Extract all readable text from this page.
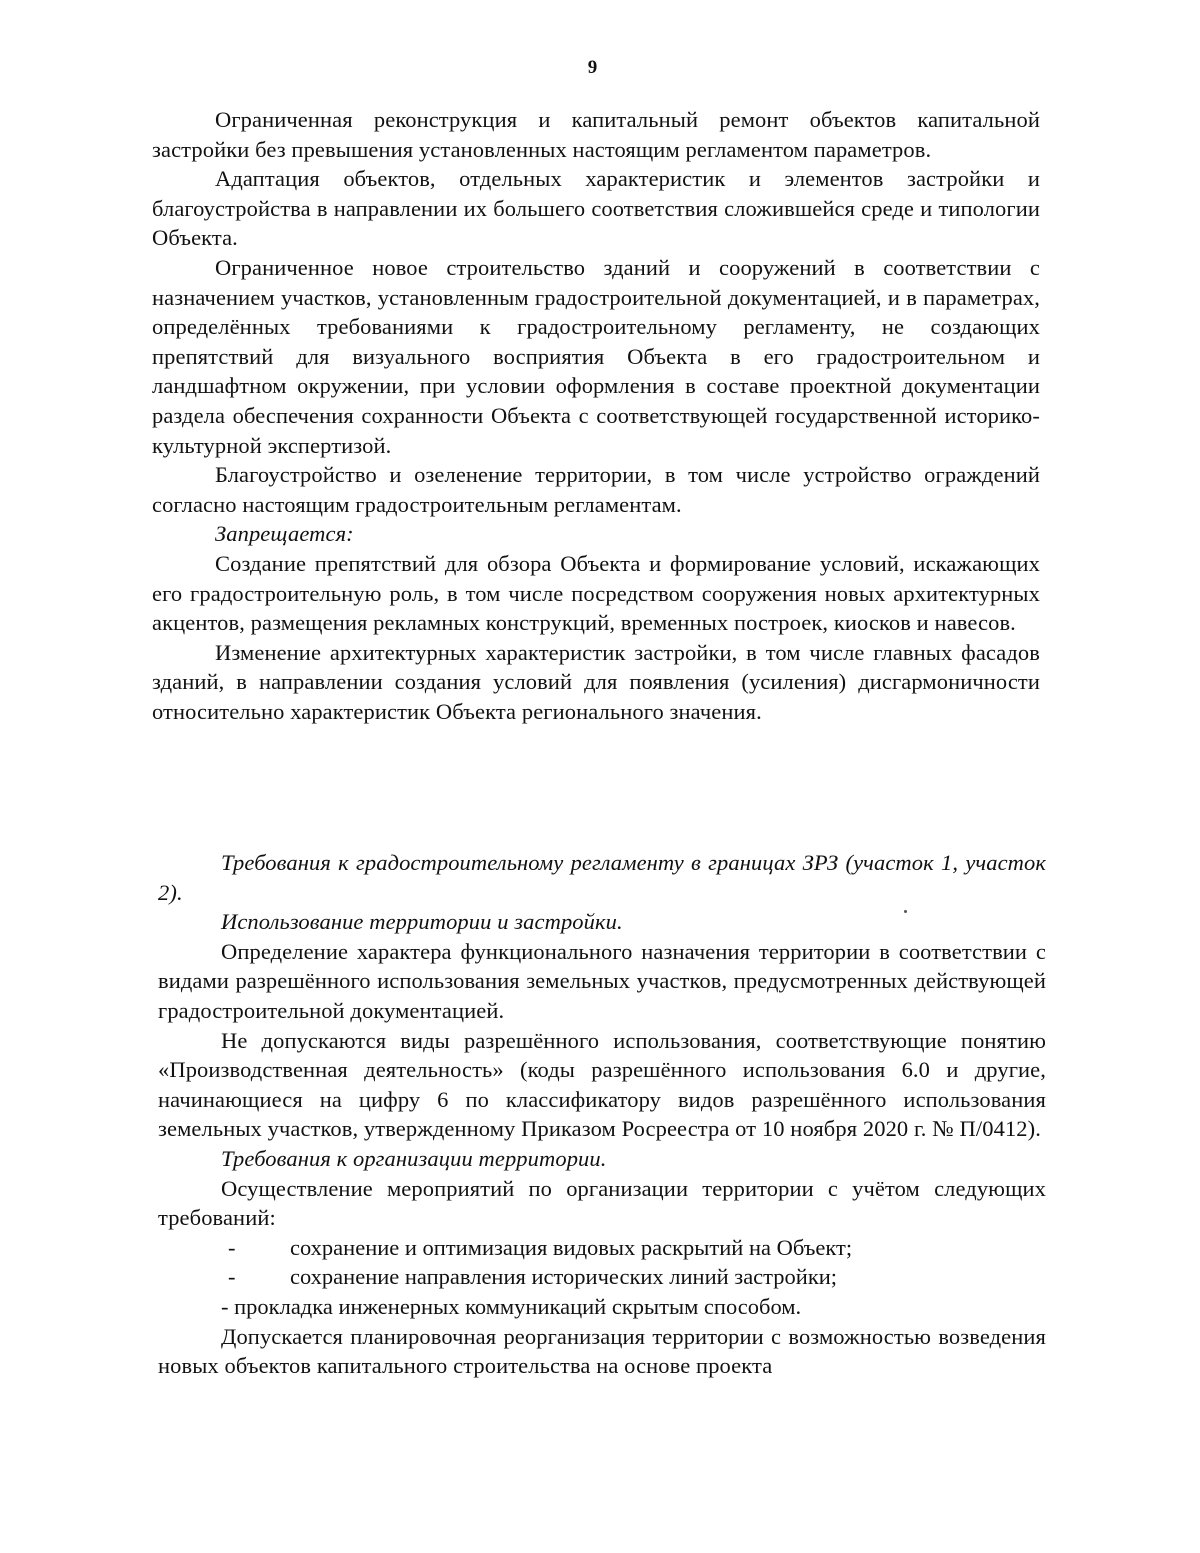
9

Ограниченная реконструкция и капитальный ремонт объектов капитальной застройки без превышения установленных настоящим регламентом параметров.

Адаптация объектов, отдельных характеристик и элементов застройки и благоустройства в направлении их большего соответствия сложившейся среде и типологии Объекта.

Ограниченное новое строительство зданий и сооружений в соответствии с назначением участков, установленным градостроительной документацией, и в параметрах, определённых требованиями к градостроительному регламенту, не создающих препятствий для визуального восприятия Объекта в его градостроительном и ландшафтном окружении, при условии оформления в составе проектной документации раздела обеспечения сохранности Объекта с соответствующей государственной историко-культурной экспертизой.

Благоустройство и озеленение территории, в том числе устройство ограждений согласно настоящим градостроительным регламентам.

Запрещается:

Создание препятствий для обзора Объекта и формирование условий, искажающих его градостроительную роль, в том числе посредством сооружения новых архитектурных акцентов, размещения рекламных конструкций, временных построек, киосков и навесов.

Изменение архитектурных характеристик застройки, в том числе главных фасадов зданий, в направлении создания условий для появления (усиления) дисгармоничности относительно характеристик Объекта регионального значения.

Требования к градостроительному регламенту в границах ЗРЗ (участок 1, участок 2).

Использование территории и застройки.

Определение характера функционального назначения территории в соответствии с видами разрешённого использования земельных участков, предусмотренных действующей градостроительной документацией.

Не допускаются виды разрешённого использования, соответствующие понятию «Производственная деятельность» (коды разрешённого использования 6.0 и другие, начинающиеся на цифру 6 по классификатору видов разрешённого использования земельных участков, утвержденному Приказом Росреестра от 10 ноября 2020 г. № П/0412).

Требования к организации территории.

Осуществление мероприятий по организации территории с учётом следующих требований:

- сохранение и оптимизация видовых раскрытий на Объект;

- сохранение направления исторических линий застройки;

- прокладка инженерных коммуникаций скрытым способом.

Допускается планировочная реорганизация территории с возможностью возведения новых объектов капитального строительства на основе проекта
